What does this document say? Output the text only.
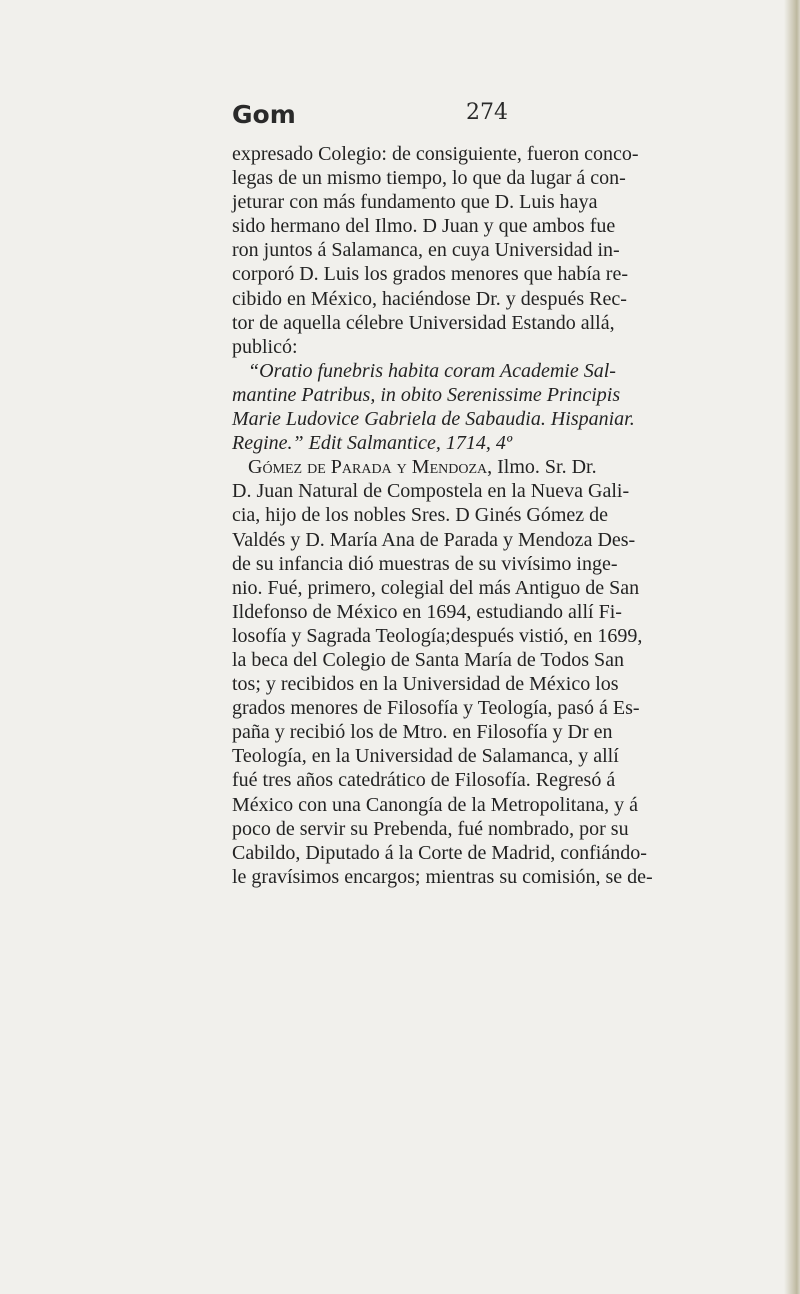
Gom	274
expresado Colegio: de consiguiente, fueron conco-
legas de un mismo tiempo, lo que da lugar á con-
jeturar con más fundamento que D. Luis haya
sido hermano del Ilmo. D Juan y que ambos fue
ron juntos á Salamanca, en cuya Universidad in-
corporó D. Luis los grados menores que había re-
cibido en México, haciéndose Dr. y después Rec-
tor de aquella célebre Universidad Estando allá,
publicó:
“Oratio funebris habita coram Academie Sal-
mantine Patribus, in obito Serenissime Principis
Marie Ludovice Gabriela de Sabaudia. Hispaniar.
Regine.” Edit Salmantice, 1714, 4º
Gómez de Parada y Mendoza, Ilmo. Sr. Dr.
D. Juan Natural de Compostela en la Nueva Gali-
cia, hijo de los nobles Sres. D Ginés Gómez de
Valdés y D. María Ana de Parada y Mendoza Des-
de su infancia dió muestras de su vivísimo inge-
nio. Fué, primero, colegial del más Antiguo de San
Ildefonso de México en 1694, estudiando allí Fi-
losofía y Sagrada Teología;después vistió, en 1699,
la beca del Colegio de Santa María de Todos San
tos; y recibidos en la Universidad de México los
grados menores de Filosofía y Teología, pasó á Es-
paña y recibió los de Mtro. en Filosofía y Dr en
Teología, en la Universidad de Salamanca, y allí
fué tres años catedrático de Filosofía. Regresó á
México con una Canongía de la Metropolitana, y á
poco de servir su Prebenda, fué nombrado, por su
Cabildo, Diputado á la Corte de Madrid, confiándo-
le gravísimos encargos; mientras su comisión, se de-
